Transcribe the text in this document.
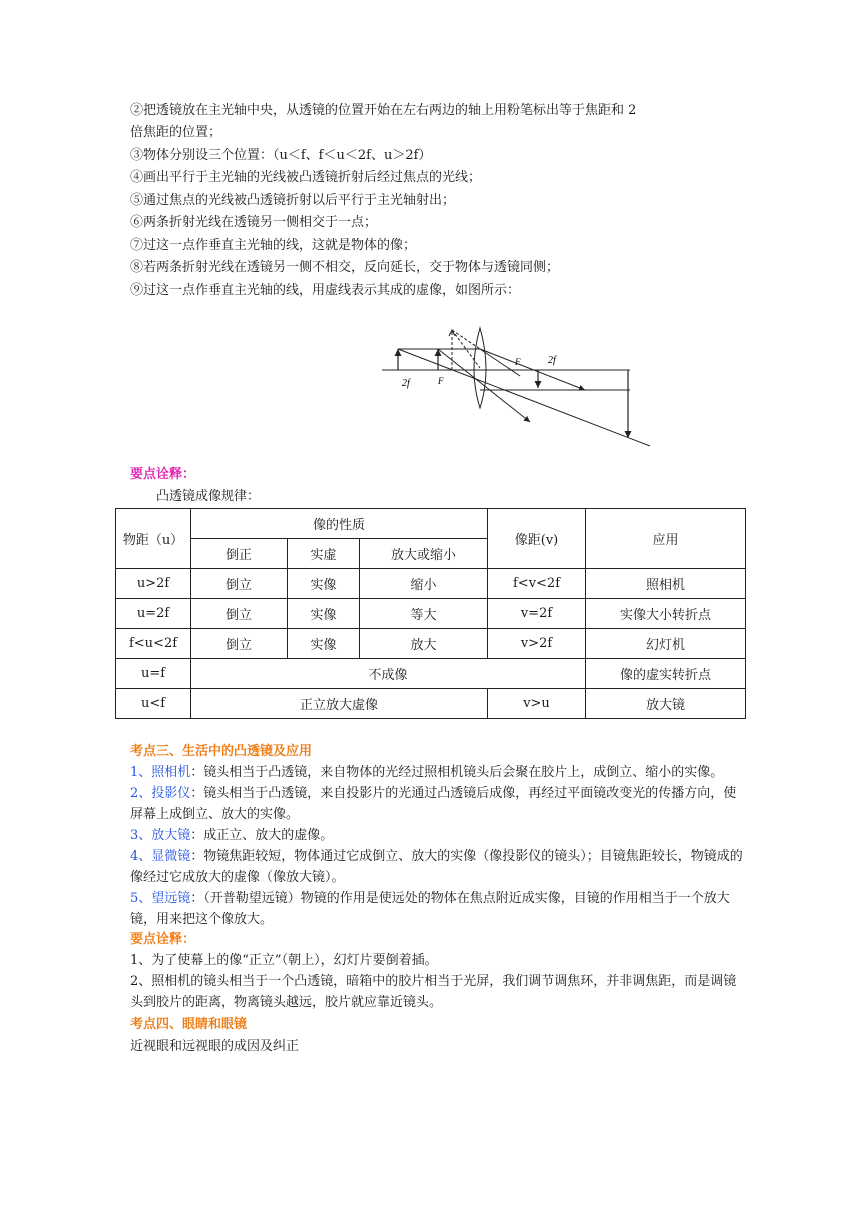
②把透镜放在主光轴中央，从透镜的位置开始在左右两边的轴上用粉笔标出等于焦距和 2
倍焦距的位置；
③物体分别设三个位置：（u＜f、f＜u＜2f、u＞2f）
④画出平行于主光轴的光线被凸透镜折射后经过焦点的光线；
⑤通过焦点的光线被凸透镜折射以后平行于主光轴射出；
⑥两条折射光线在透镜另一侧相交于一点；
⑦过这一点作垂直主光轴的线，这就是物体的像；
⑧若两条折射光线在透镜另一侧不相交，反向延长，交于物体与透镜同侧；
⑨过这一点作垂直主光轴的线，用虚线表示其成的虚像，如图所示：
2f	F
F	2f
要点诠释：
凸透镜成像规律：
物距（u）	像的性质			像距(v)	应用
	倒正	实虚	放大或缩小		
u>2f	倒立	实像	缩小	f<v<2f	照相机
u=2f	倒立	实像	等大	v=2f	实像大小转折点
f<u<2f	倒立	实像	放大	v>2f	幻灯机
u=f	不成像				像的虚实转折点
u<f	正立放大虚像			v>u	放大镜
考点三、生活中的凸透镜及应用
1、照相机：镜头相当于凸透镜，来自物体的光经过照相机镜头后会聚在胶片上，成倒立、缩小的实像。
2、投影仪：镜头相当于凸透镜，来自投影片的光通过凸透镜后成像，再经过平面镜改变光的传播方向，使屏幕上成倒立、放大的实像。
3、放大镜：成正立、放大的虚像。
4、显微镜：物镜焦距较短，物体通过它成倒立、放大的实像（像投影仪的镜头）；目镜焦距较长，物镜成的像经过它成放大的虚像（像放大镜）。
5、望远镜：（开普勒望远镜）物镜的作用是使远处的物体在焦点附近成实像，目镜的作用相当于一个放大镜，用来把这个像放大。
要点诠释：
1、为了使幕上的像“正立”（朝上），幻灯片要倒着插。
2、照相机的镜头相当于一个凸透镜，暗箱中的胶片相当于光屏，我们调节调焦环，并非调焦距，而是调镜头到胶片的距离，物离镜头越远，胶片就应靠近镜头。
考点四、眼睛和眼镜
近视眼和远视眼的成因及纠正
